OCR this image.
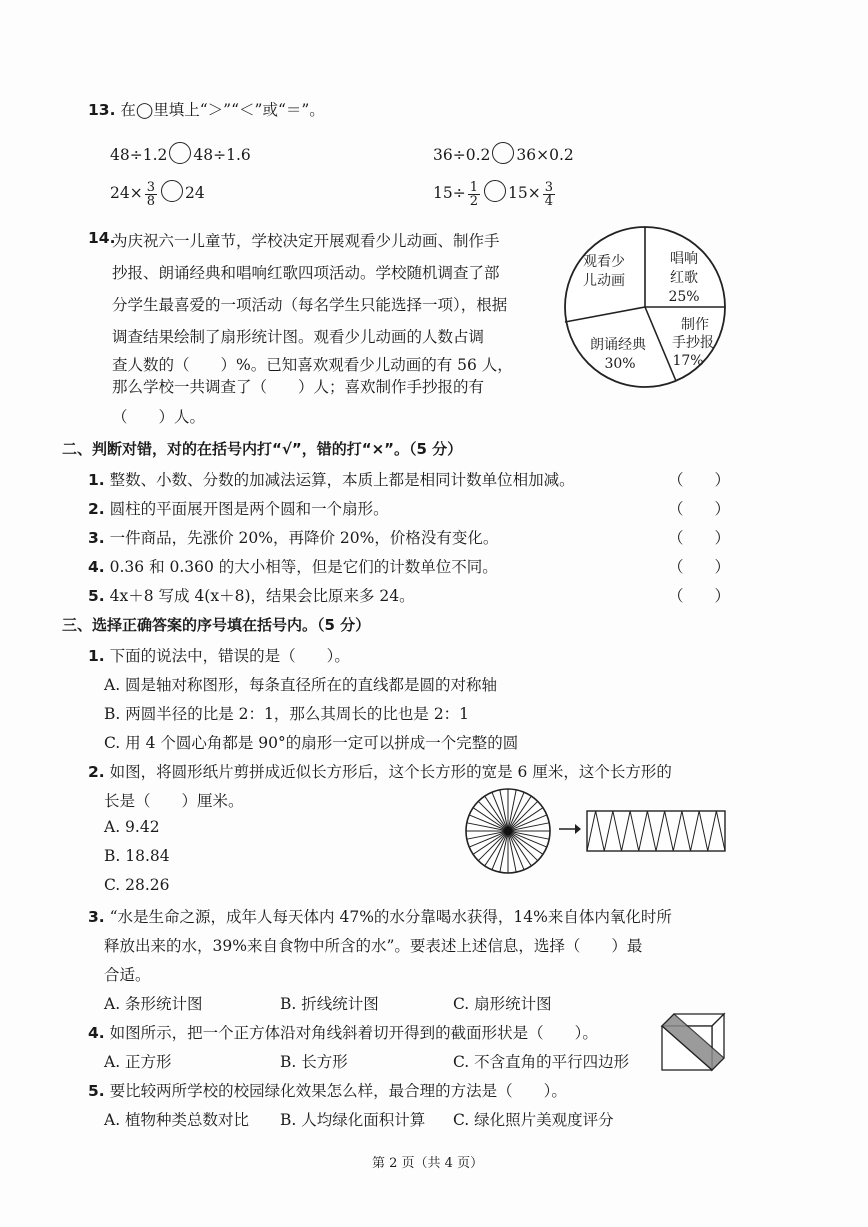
13. 在◯里填上“＞”“＜”或“＝”。
48÷1.2 48÷1.6	36÷0.2 36×0.2
$24\times \frac{3}{8} 24$	$15\div \frac{1}{2} 15\times \frac{3}{4}$
14.
为庆祝六一儿童节，学校决定开展观看少儿动画、制作手
抄报、朗诵经典和唱响红歌四项活动。学校随机调查了部
分学生最喜爱的一项活动（每名学生只能选择一项），根据
调查结果绘制了扇形统计图。观看少儿动画的人数占调
查人数的（　　）%。已知喜欢观看少儿动画的有 56 人，
那么学校一共调查了（　　）人；喜欢制作手抄报的有
（　　）人。
观看少
儿动画
唱响
红歌
25%
制作
手抄报
17%
朗诵经典
30%
二、判断对错，对的在括号内打“√”，错的打“×”。（5 分）
1. 整数、小数、分数的加减法运算，本质上都是相同计数单位相加减。
2. 圆柱的平面展开图是两个圆和一个扇形。
3. 一件商品，先涨价 20%，再降价 20%，价格没有变化。
4. 0.36 和 0.360 的大小相等，但是它们的计数单位不同。
5. 4x＋8 写成 4(x＋8)，结果会比原来多 24。
（　　）
（　　）
（　　）
（　　）
（　　）
三、选择正确答案的序号填在括号内。（5 分）
1. 下面的说法中，错误的是（　　）。
A. 圆是轴对称图形，每条直径所在的直线都是圆的对称轴
B. 两圆半径的比是 2：1，那么其周长的比也是 2：1
C. 用 4 个圆心角都是 90°的扇形一定可以拼成一个完整的圆
2. 如图，将圆形纸片剪拼成近似长方形后，这个长方形的宽是 6 厘米，这个长方形的
长是（　　）厘米。
A. 9.42
B. 18.84
C. 28.26
3. “水是生命之源，成年人每天体内 47%的水分靠喝水获得，14%来自体内氧化时所
释放出来的水，39%来自食物中所含的水”。要表述上述信息，选择（　　）最
合适。
A. 条形统计图	B. 折线统计图	C. 扇形统计图
4. 如图所示，把一个正方体沿对角线斜着切开得到的截面形状是（　　）。
A. 正方形	B. 长方形	C. 不含直角的平行四边形
5. 要比较两所学校的校园绿化效果怎么样，最合理的方法是（　　）。
A. 植物种类总数对比 B. 人均绿化面积计算 C. 绿化照片美观度评分
第 2 页（共 4 页）
